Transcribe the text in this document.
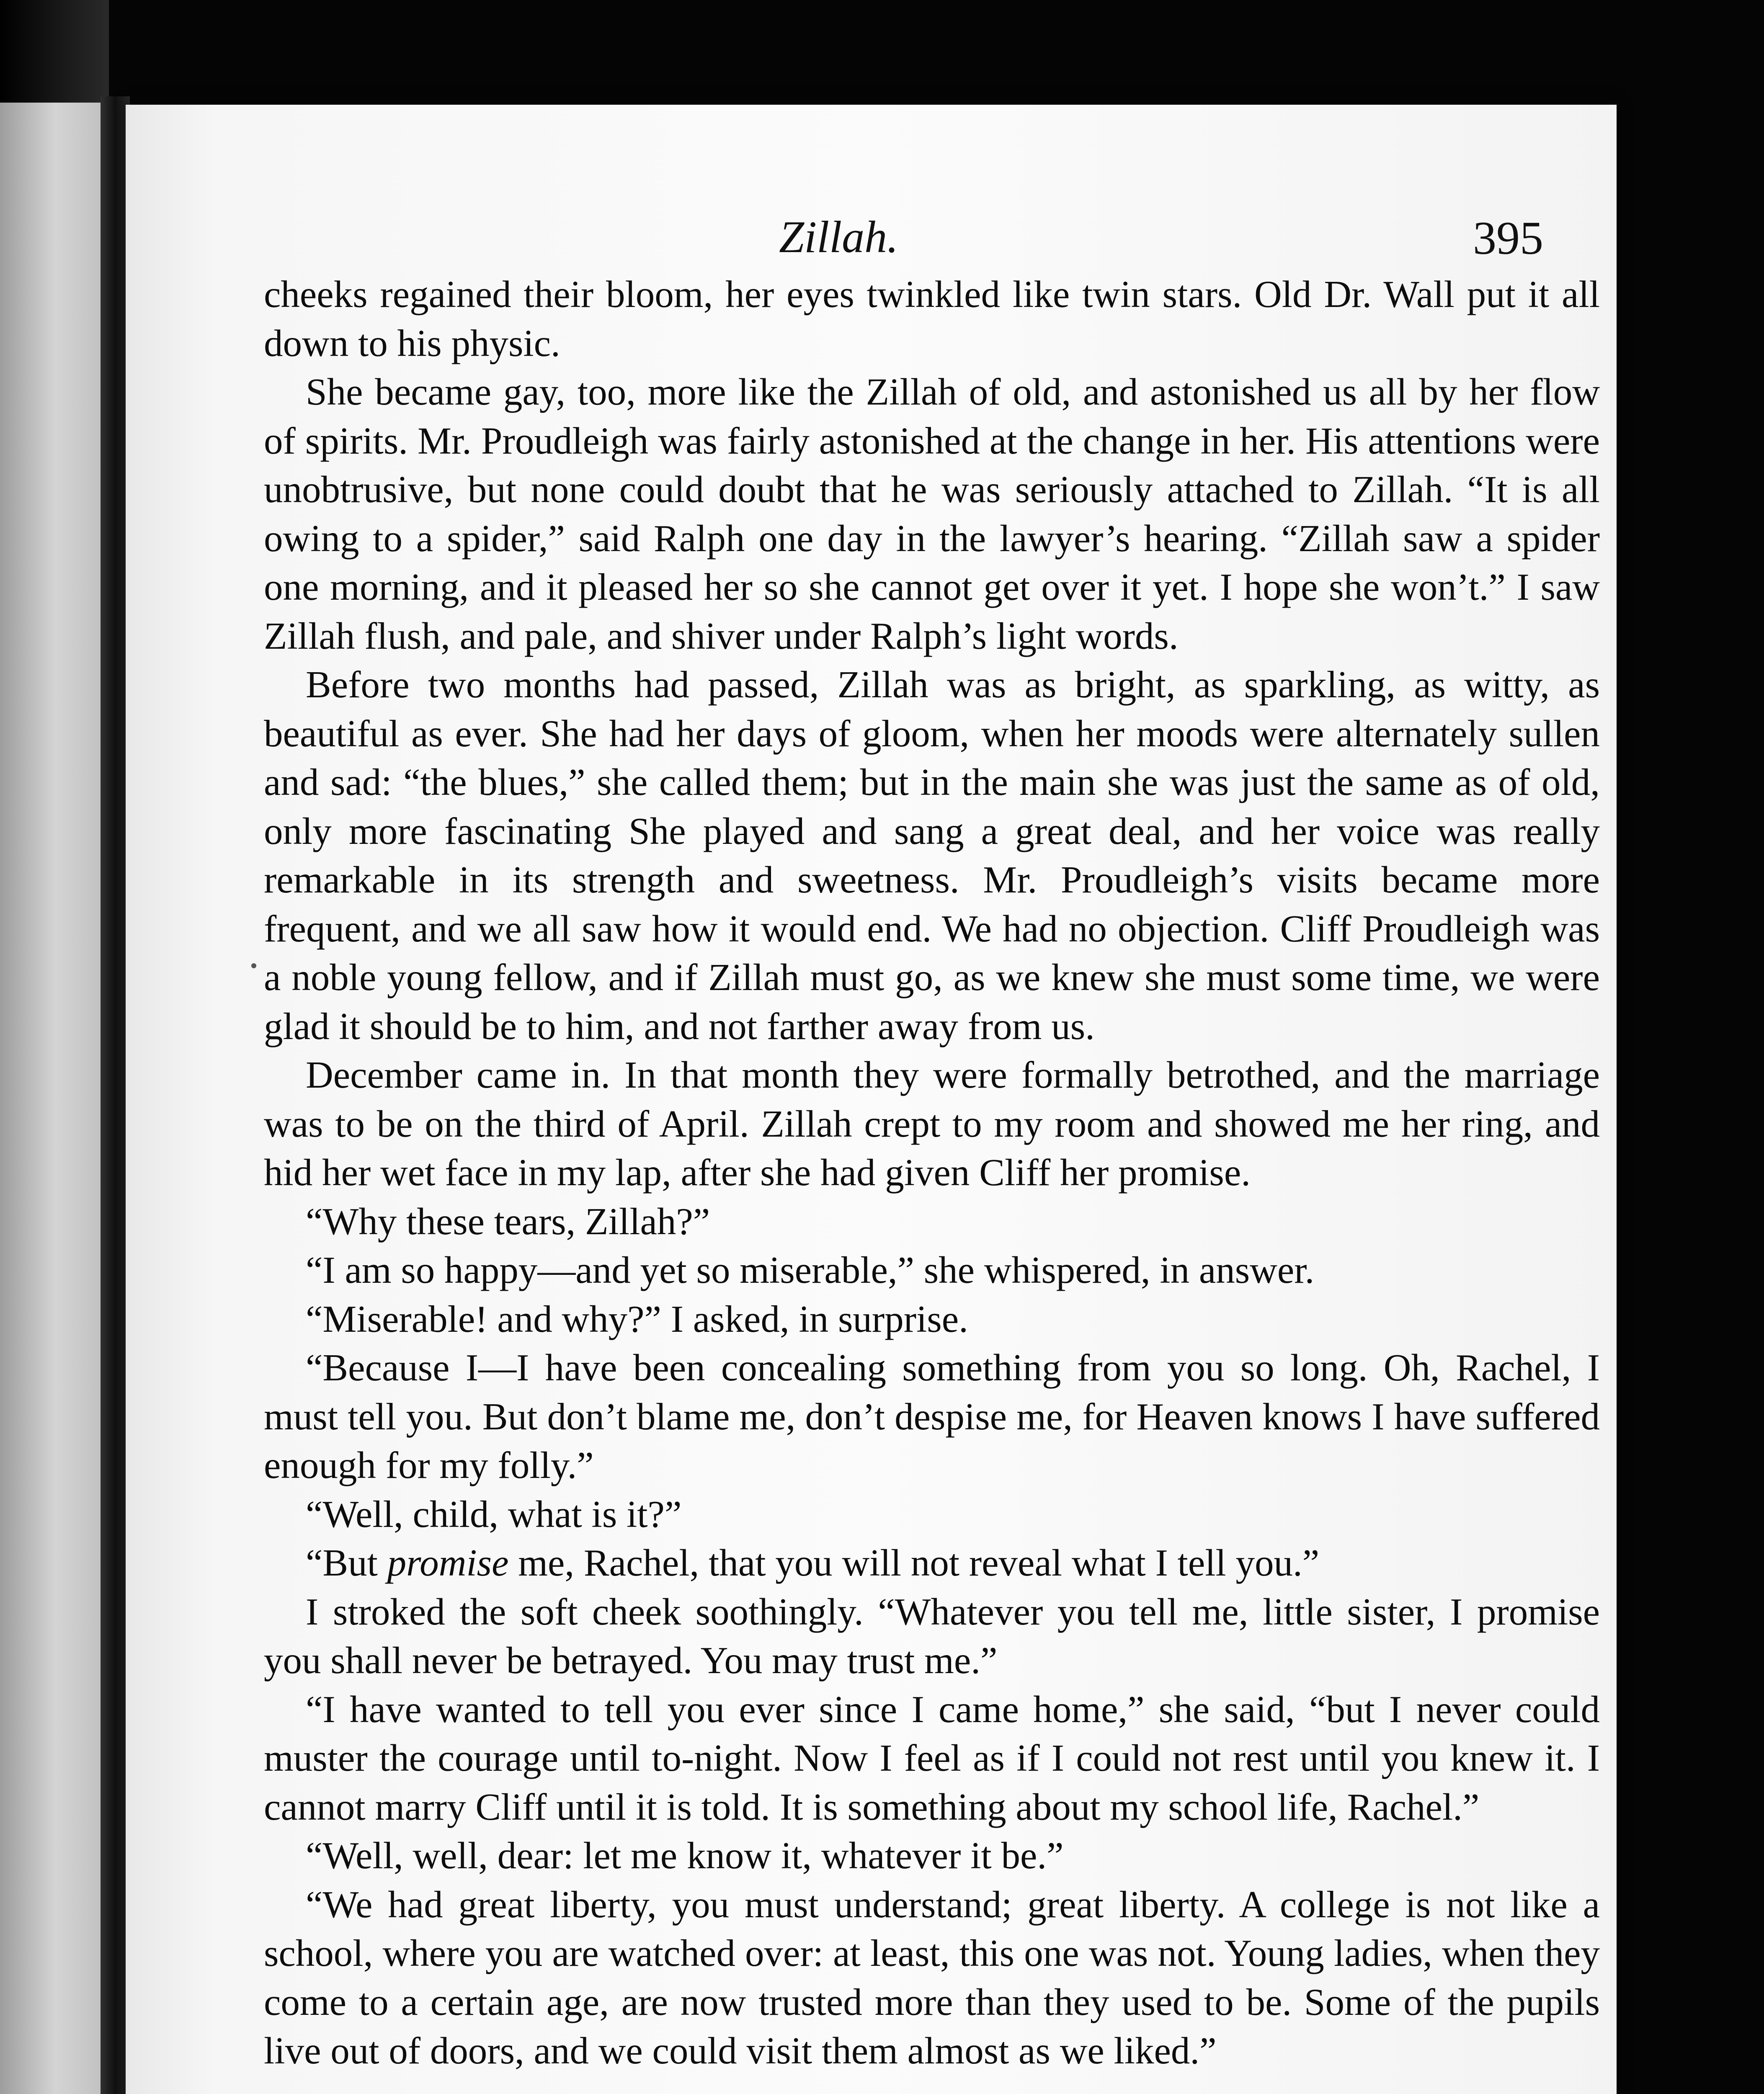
Zillah.	395

cheeks regained their bloom, her eyes twinkled like twin stars. Old Dr. Wall put it all down to his physic.

She became gay, too, more like the Zillah of old, and astonished us all by her flow of spirits. Mr. Proudleigh was fairly astonished at the change in her. His attentions were unobtrusive, but none could doubt that he was seriously attached to Zillah. “It is all owing to a spider,” said Ralph one day in the lawyer’s hearing. “Zillah saw a spider one morning, and it pleased her so she cannot get over it yet. I hope she won’t.” I saw Zillah flush, and pale, and shiver under Ralph’s light words.

Before two months had passed, Zillah was as bright, as sparkling, as witty, as beautiful as ever. She had her days of gloom, when her moods were alternately sullen and sad: “the blues,” she called them; but in the main she was just the same as of old, only more fascinating She played and sang a great deal, and her voice was really remarkable in its strength and sweetness. Mr. Proudleigh’s visits became more frequent, and we all saw how it would end. We had no objection. Cliff Proudleigh was a noble young fellow, and if Zillah must go, as we knew she must some time, we were glad it should be to him, and not farther away from us.

December came in. In that month they were formally betrothed, and the marriage was to be on the third of April. Zillah crept to my room and showed me her ring, and hid her wet face in my lap, after she had given Cliff her promise.

“Why these tears, Zillah?”

“I am so happy—and yet so miserable,” she whispered, in answer.

“Miserable! and why?” I asked, in surprise.

“Because I—I have been concealing something from you so long. Oh, Rachel, I must tell you. But don’t blame me, don’t despise me, for Heaven knows I have suffered enough for my folly.”

“Well, child, what is it?”

“But promise me, Rachel, that you will not reveal what I tell you.”

I stroked the soft cheek soothingly. “Whatever you tell me, little sister, I promise you shall never be betrayed. You may trust me.”

“I have wanted to tell you ever since I came home,” she said, “but I never could muster the courage until to-night. Now I feel as if I could not rest until you knew it. I cannot marry Cliff until it is told. It is something about my school life, Rachel.”

“Well, well, dear: let me know it, whatever it be.”

“We had great liberty, you must understand; great liberty. A college is not like a school, where you are watched over: at least, this one was not. Young ladies, when they come to a certain age, are now trusted more than they used to be. Some of the pupils live out of doors, and we could visit them almost as we liked.”
